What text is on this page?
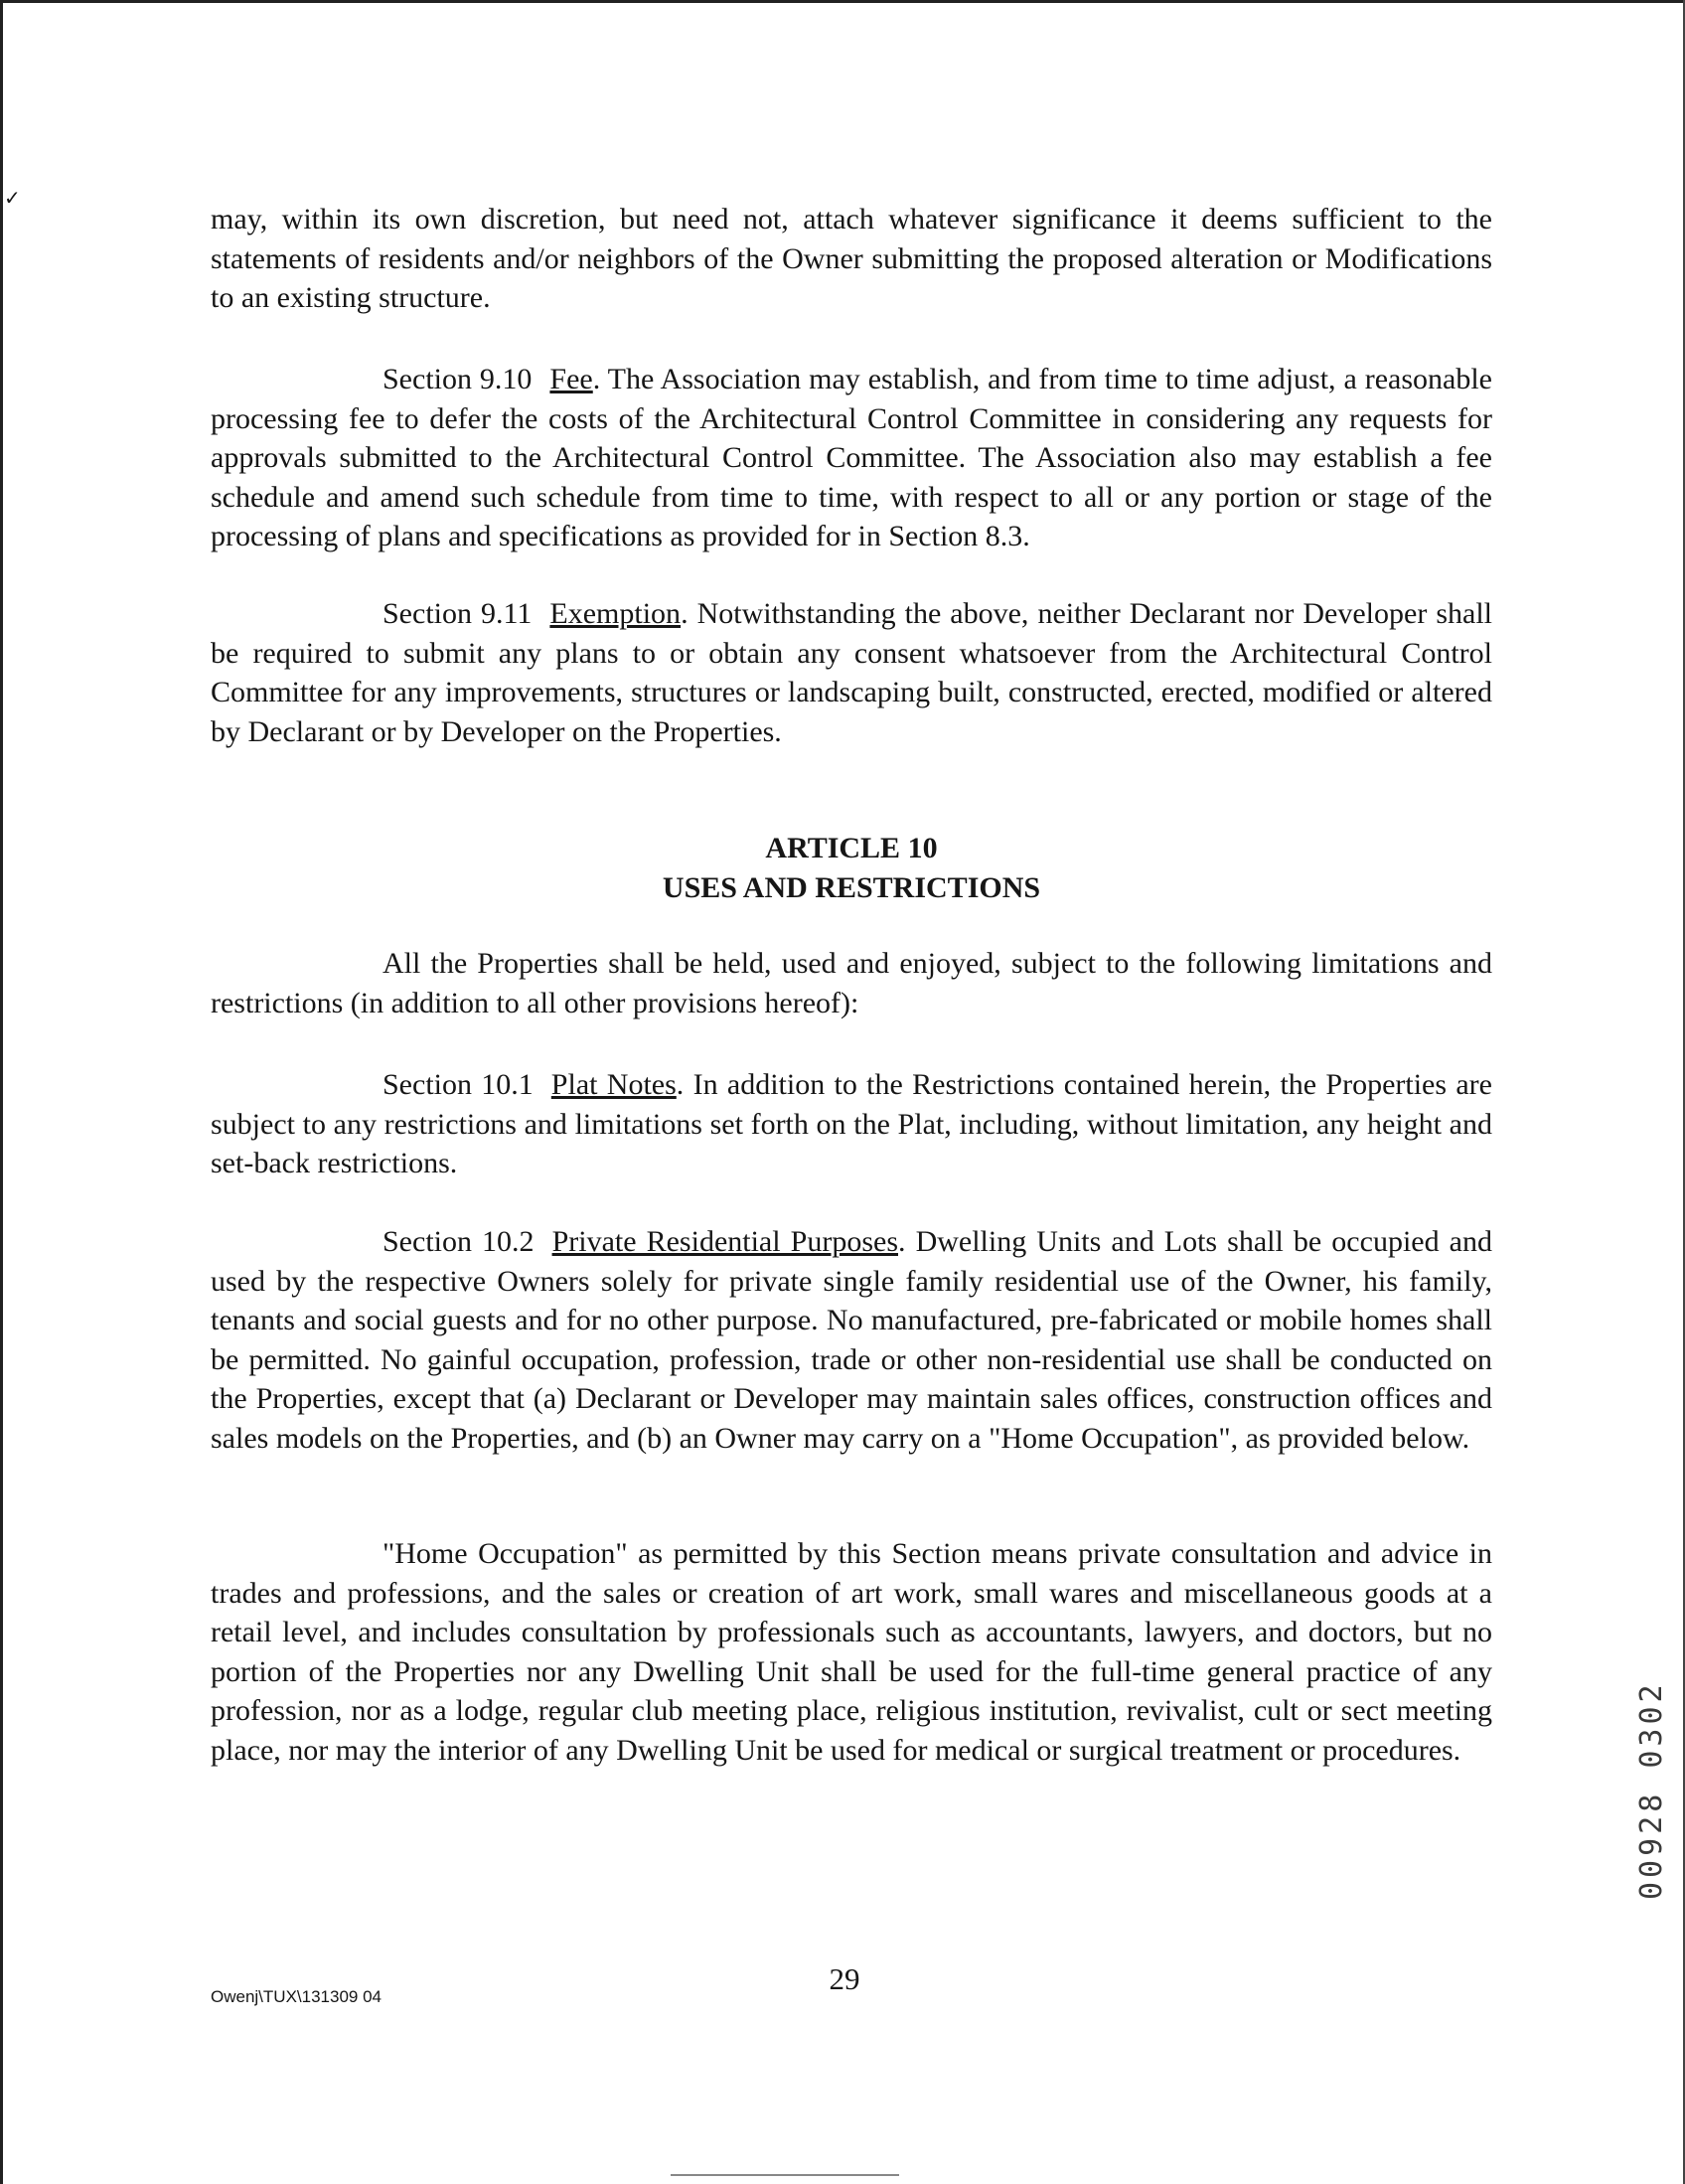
✓

may, within its own discretion, but need not, attach whatever significance it deems sufficient to the statements of residents and/or neighbors of the Owner submitting the proposed alteration or Modifications to an existing structure.

Section 9.10 Fee. The Association may establish, and from time to time adjust, a reasonable processing fee to defer the costs of the Architectural Control Committee in considering any requests for approvals submitted to the Architectural Control Committee. The Association also may establish a fee schedule and amend such schedule from time to time, with respect to all or any portion or stage of the processing of plans and specifications as provided for in Section 8.3.

Section 9.11 Exemption. Notwithstanding the above, neither Declarant nor Developer shall be required to submit any plans to or obtain any consent whatsoever from the Architectural Control Committee for any improvements, structures or landscaping built, constructed, erected, modified or altered by Declarant or by Developer on the Properties.

ARTICLE 10

USES AND RESTRICTIONS

All the Properties shall be held, used and enjoyed, subject to the following limitations and restrictions (in addition to all other provisions hereof):

Section 10.1 Plat Notes. In addition to the Restrictions contained herein, the Properties are subject to any restrictions and limitations set forth on the Plat, including, without limitation, any height and set-back restrictions.

Section 10.2 Private Residential Purposes. Dwelling Units and Lots shall be occupied and used by the respective Owners solely for private single family residential use of the Owner, his family, tenants and social guests and for no other purpose. No manufactured, pre-fabricated or mobile homes shall be permitted. No gainful occupation, profession, trade or other non-residential use shall be conducted on the Properties, except that (a) Declarant or Developer may maintain sales offices, construction offices and sales models on the Properties, and (b) an Owner may carry on a "Home Occupation", as provided below.

"Home Occupation" as permitted by this Section means private consultation and advice in trades and professions, and the sales or creation of art work, small wares and miscellaneous goods at a retail level, and includes consultation by professionals such as accountants, lawyers, and doctors, but no portion of the Properties nor any Dwelling Unit shall be used for the full-time general practice of any profession, nor as a lodge, regular club meeting place, religious institution, revivalist, cult or sect meeting place, nor may the interior of any Dwelling Unit be used for medical or surgical treatment or procedures.

29
Owenj\TUX\131309 04
00928 0302
